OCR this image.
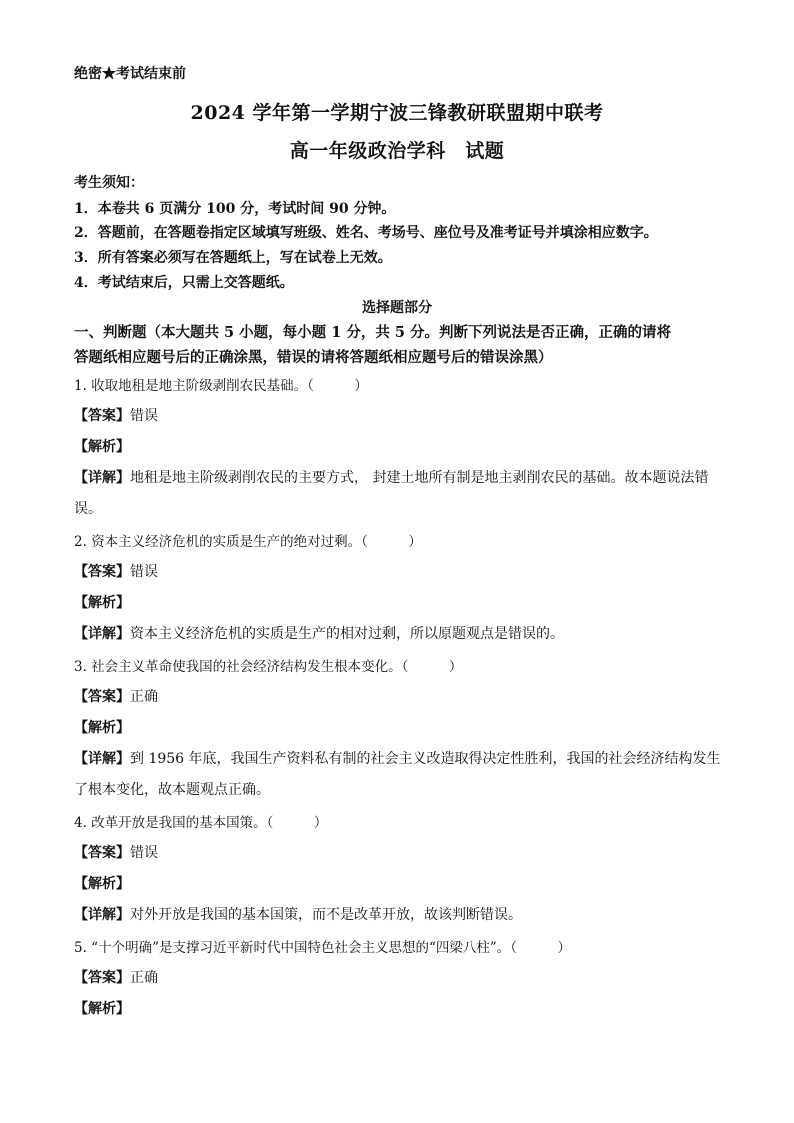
绝密★考试结束前
2024 学年第一学期宁波三锋教研联盟期中联考
高一年级政治学科　试题
考生须知：
1．本卷共 6 页满分 100 分，考试时间 90 分钟。
2．答题前，在答题卷指定区域填写班级、姓名、考场号、座位号及准考证号并填涂相应数字。
3．所有答案必须写在答题纸上，写在试卷上无效。
4．考试结束后，只需上交答题纸。
选择题部分
一、判断题（本大题共 5 小题，每小题 1 分，共 5 分。判断下列说法是否正确，正确的请将
答题纸相应题号后的正确涂黑，错误的请将答题纸相应题号后的错误涂黑）
1. 收取地租是地主阶级剥削农民基础。（　　　）
【答案】错误
【解析】
【详解】地租是地主阶级剥削农民的主要方式， 封建土地所有制是地主剥削农民的基础。故本题说法错
误。
2. 资本主义经济危机的实质是生产的绝对过剩。（　　　）
【答案】错误
【解析】
【详解】资本主义经济危机的实质是生产的相对过剩，所以原题观点是错误的。
3. 社会主义革命使我国的社会经济结构发生根本变化。（　　　）
【答案】正确
【解析】
【详解】到 1956 年底，我国生产资料私有制的社会主义改造取得决定性胜利，我国的社会经济结构发生
了根本变化，故本题观点正确。
4. 改革开放是我国的基本国策。（　　　）
【答案】错误
【解析】
【详解】对外开放是我国的基本国策，而不是改革开放，故该判断错误。
5. “十个明确”是支撑习近平新时代中国特色社会主义思想的“四梁八柱”。（　　　）
【答案】正确
【解析】
